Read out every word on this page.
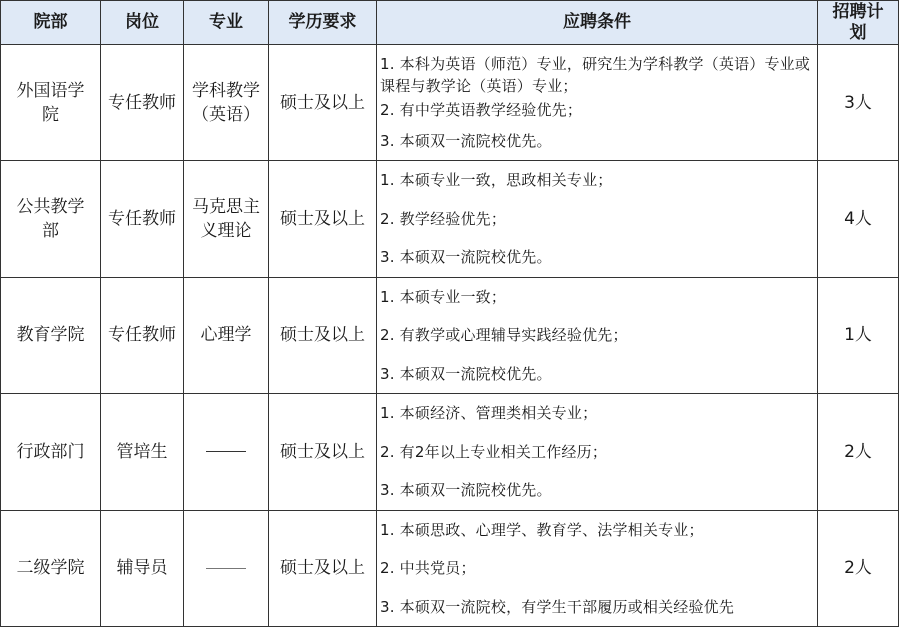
院部	岗位	专业	学历要求	应聘条件	招聘计划
外国语学院	专任教师	学科教学（英语）	硕士及以上	1. 本科为英语（师范）专业，研究生为学科教学（英语）专业或课程与教学论（英语）专业；
2. 有中学英语教学经验优先；
3. 本硕双一流院校优先。	3人
公共教学部	专任教师	马克思主义理论	硕士及以上	1. 本硕专业一致，思政相关专业；
2. 教学经验优先；
3. 本硕双一流院校优先。	4人
教育学院	专任教师	心理学	硕士及以上	1. 本硕专业一致；
2. 有教学或心理辅导实践经验优先；
3. 本硕双一流院校优先。	1人
行政部门	管培生		硕士及以上	1. 本硕经济、管理类相关专业；
2. 有2年以上专业相关工作经历；
3. 本硕双一流院校优先。	2人
二级学院	辅导员		硕士及以上	1. 本硕思政、心理学、教育学、法学相关专业；
2. 中共党员；
3. 本硕双一流院校，有学生干部履历或相关经验优先	2人
